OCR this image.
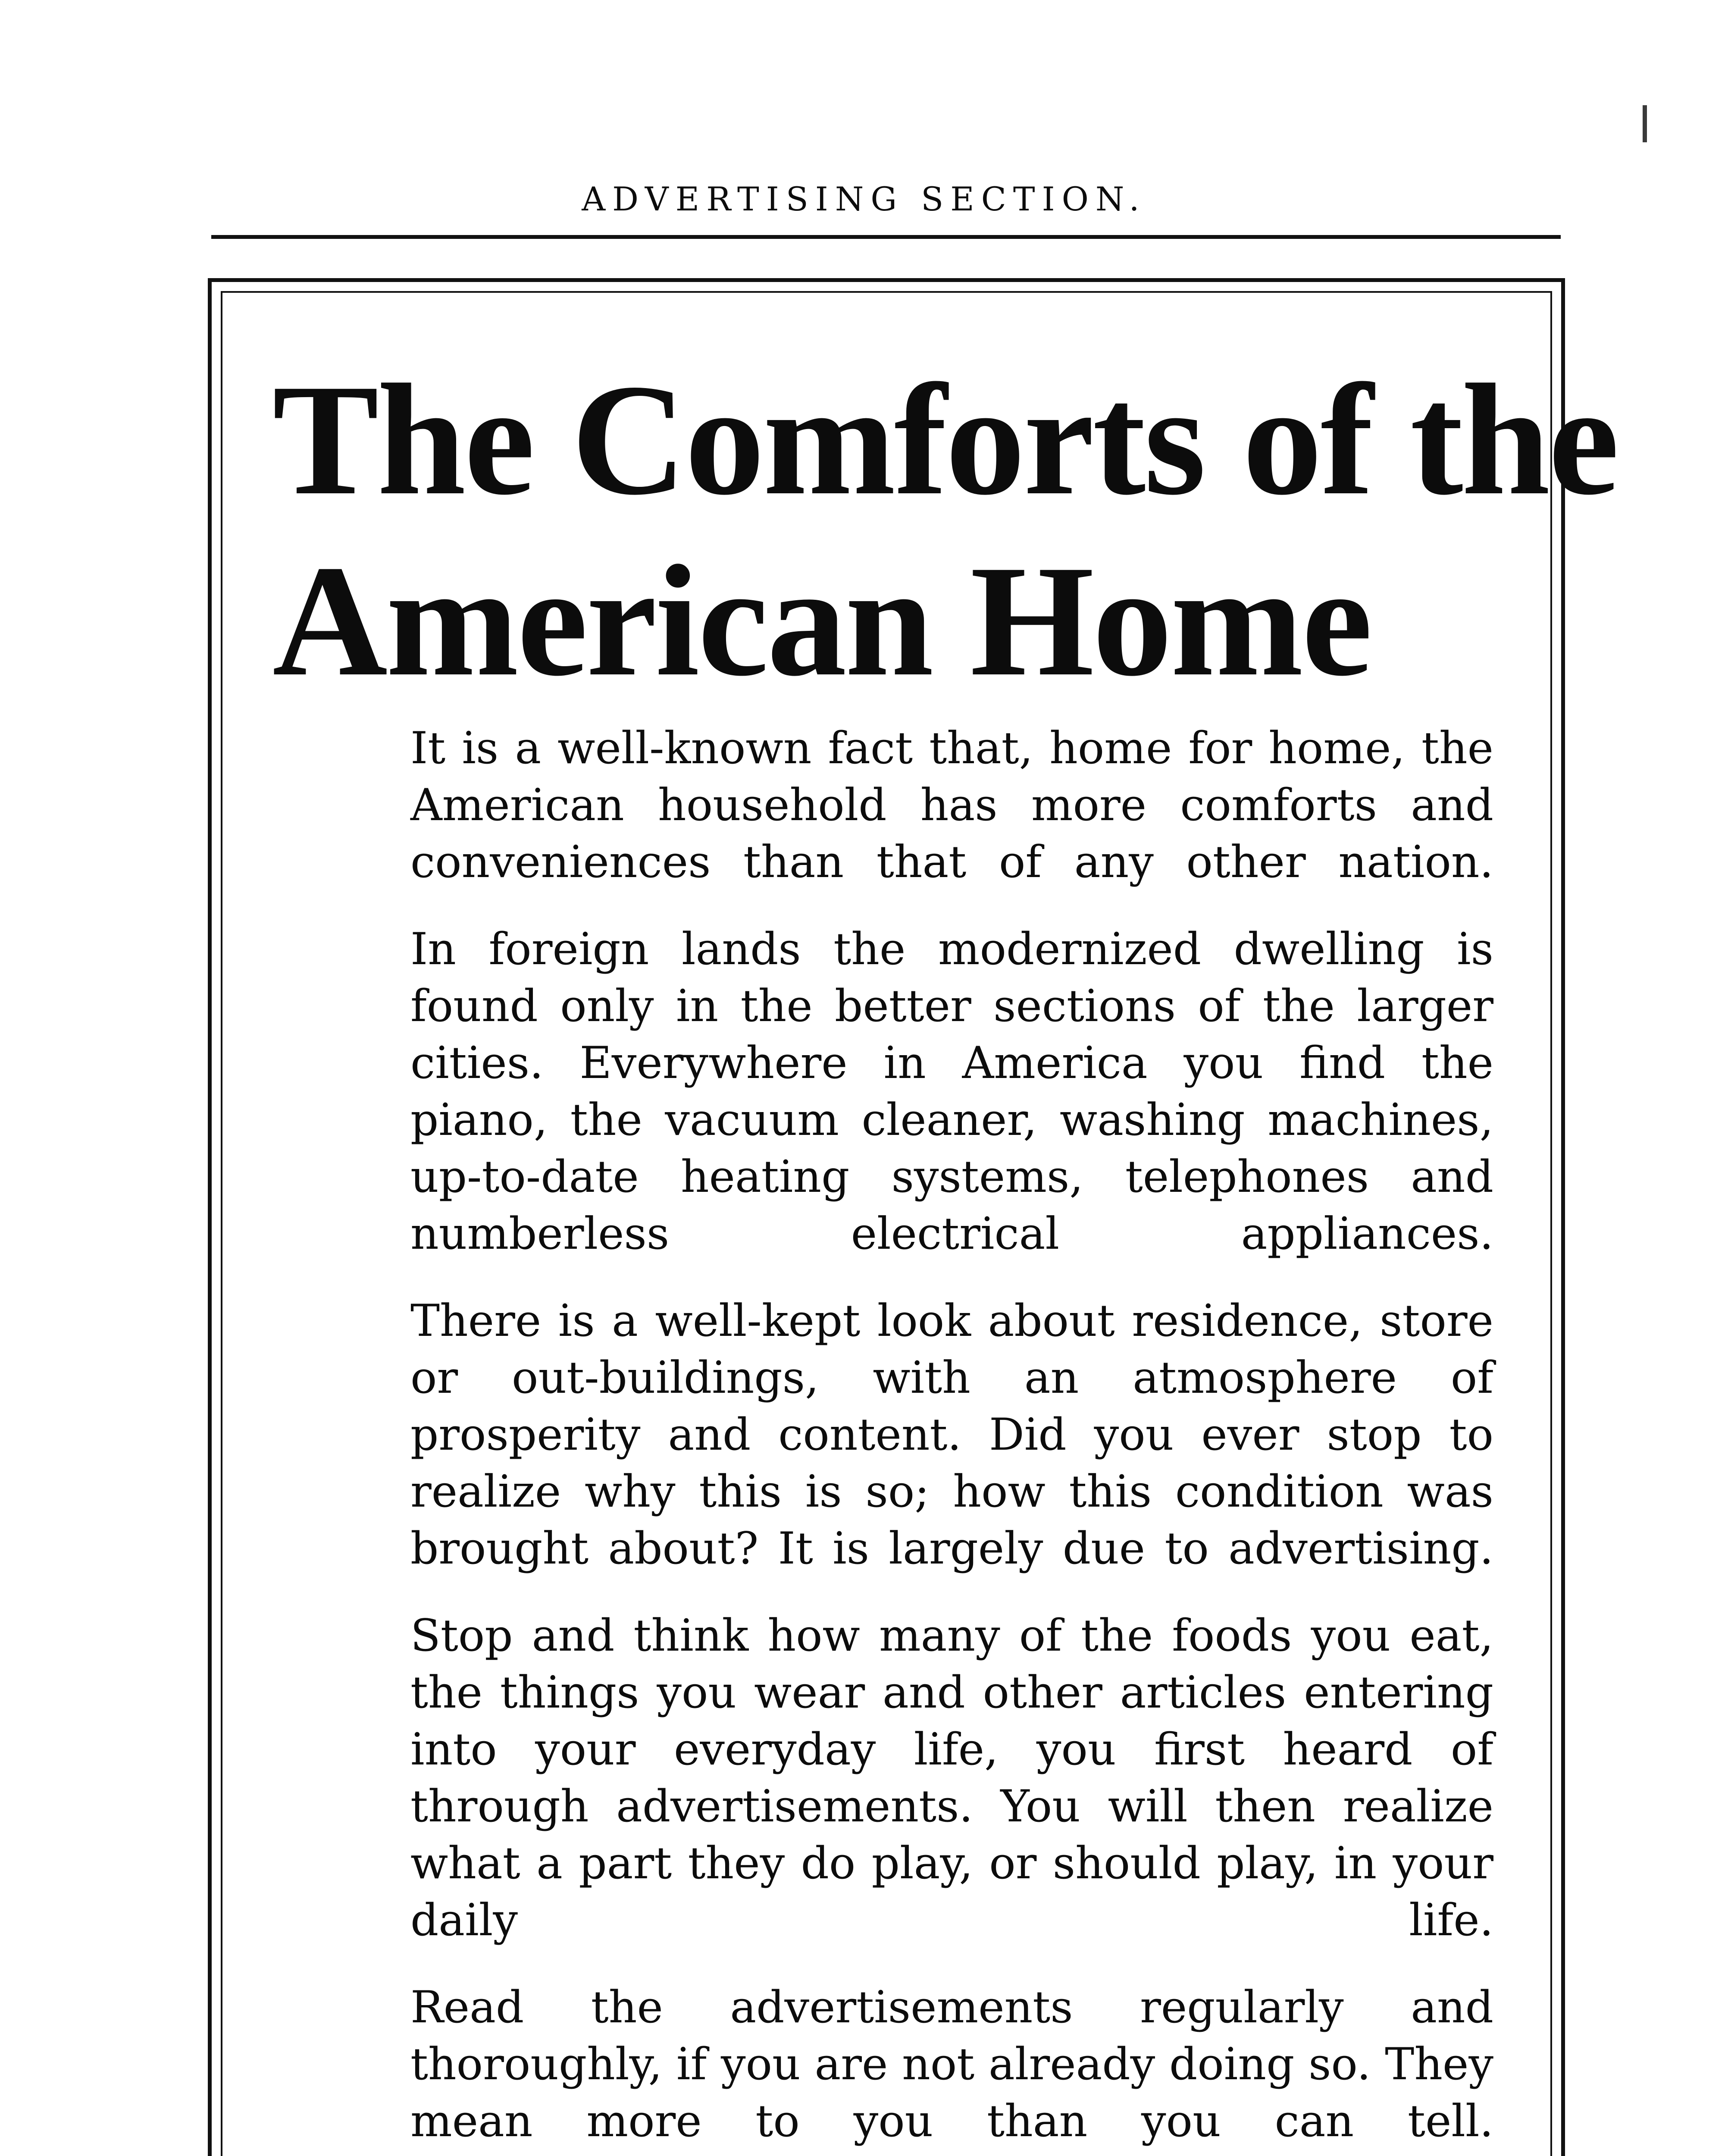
ADVERTISING SECTION.
The Comforts of the
American Home

It is a well-known fact that, home for home, the American household has more comforts and conveniences than that of any other nation.

In foreign lands the modernized dwelling is found only in the better sections of the larger cities. Everywhere in America you find the piano, the vacuum cleaner, washing machines, up-to-date heating systems, telephones and numberless electrical appliances.

There is a well-kept look about residence, store or out-buildings, with an atmosphere of prosperity and content. Did you ever stop to realize why this is so; how this condition was brought about? It is largely due to advertising.

Stop and think how many of the foods you eat, the things you wear and other articles entering into your everyday life, you first heard of through advertisements. You will then realize what a part they do play, or should play, in your daily life.

Read the advertisements regularly and thoroughly, if you are not already doing so. They mean more to you than you can tell.
